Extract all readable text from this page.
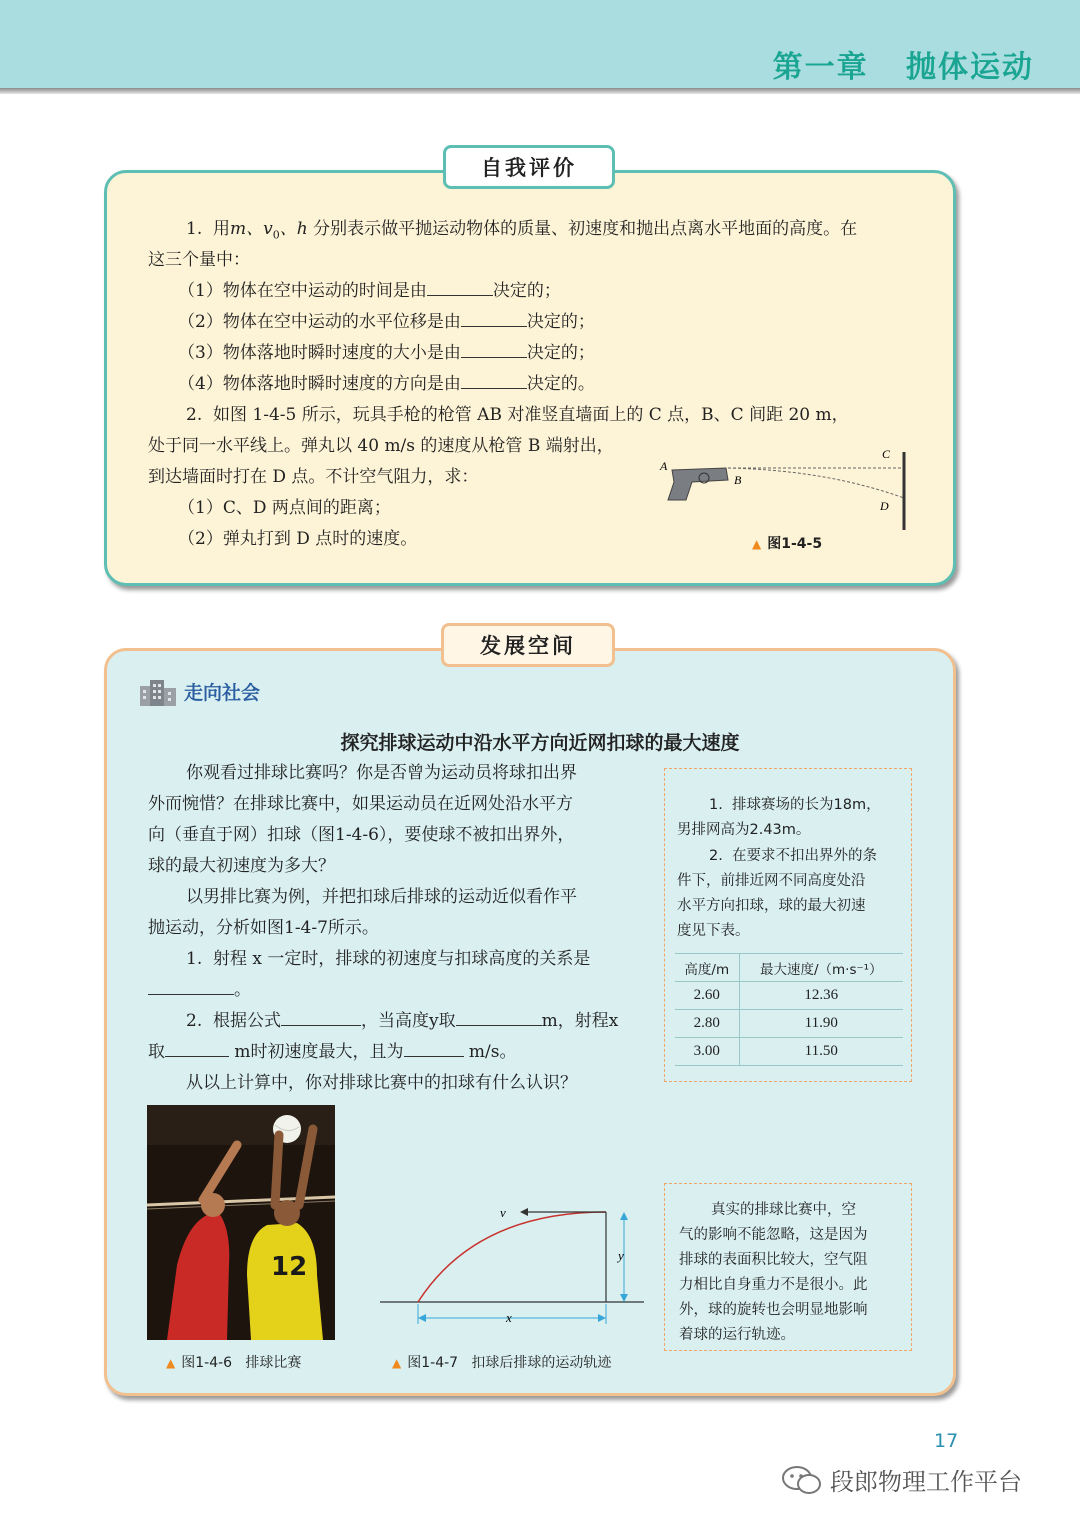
第一章   抛体运动
自我评价
1.  用m、$v_0$、h 分别表示做平抛运动物体的质量、初速度和抛出点离水平地面的高度。在
这三个量中：
（1）物体在空中运动的时间是由	决定的；
（2）物体在空中运动的水平位移是由	决定的；
（3）物体落地时瞬时速度的大小是由	决定的；
（4）物体落地时瞬时速度的方向是由	决定的。
2.  如图 1-4-5 所示，玩具手枪的枪管 AB 对准竖直墙面上的 C 点，B、C 间距 20 m，
处于同一水平线上。弹丸以 40 m/s 的速度从枪管 B 端射出，
到达墙面时打在 D 点。不计空气阻力，求：
（1）C、D 两点间的距离；
（2）弹丸打到 D 点时的速度。
A
B
C
D
▲ 图1-4-5
发展空间
走向社会
探究排球运动中沿水平方向近网扣球的最大速度
你观看过排球比赛吗？你是否曾为运动员将球扣出界
外而惋惜？在排球比赛中，如果运动员在近网处沿水平方
向（垂直于网）扣球（图1-4-6），要使球不被扣出界外，
球的最大初速度为多大？
以男排比赛为例，并把扣球后排球的运动近似看作平
抛运动，分析如图1-4-7所示。
1.  射程 x 一定时，排球的初速度与扣球高度的关系是
。
2.  根据公式	，当高度y取	m，射程x
取	m时初速度最大，且为	m/s。
从以上计算中，你对排球比赛中的扣球有什么认识？
1.  排球赛场的长为18m，
男排网高为2.43m。
2.  在要求不扣出界外的条
件下，前排近网不同高度处沿
水平方向扣球，球的最大初速
度见下表。
高度/m	最大速度/（m·s⁻¹）
2.60	12.36
2.80	11.90
3.00	11.50
12
▲ 图1-4-6   排球比赛
v
y
x
▲ 图1-4-7   扣球后排球的运动轨迹
真实的排球比赛中，空
气的影响不能忽略，这是因为
排球的表面积比较大，空气阻
力相比自身重力不是很小。此
外，球的旋转也会明显地影响
着球的运行轨迹。
17
段郎物理工作平台
